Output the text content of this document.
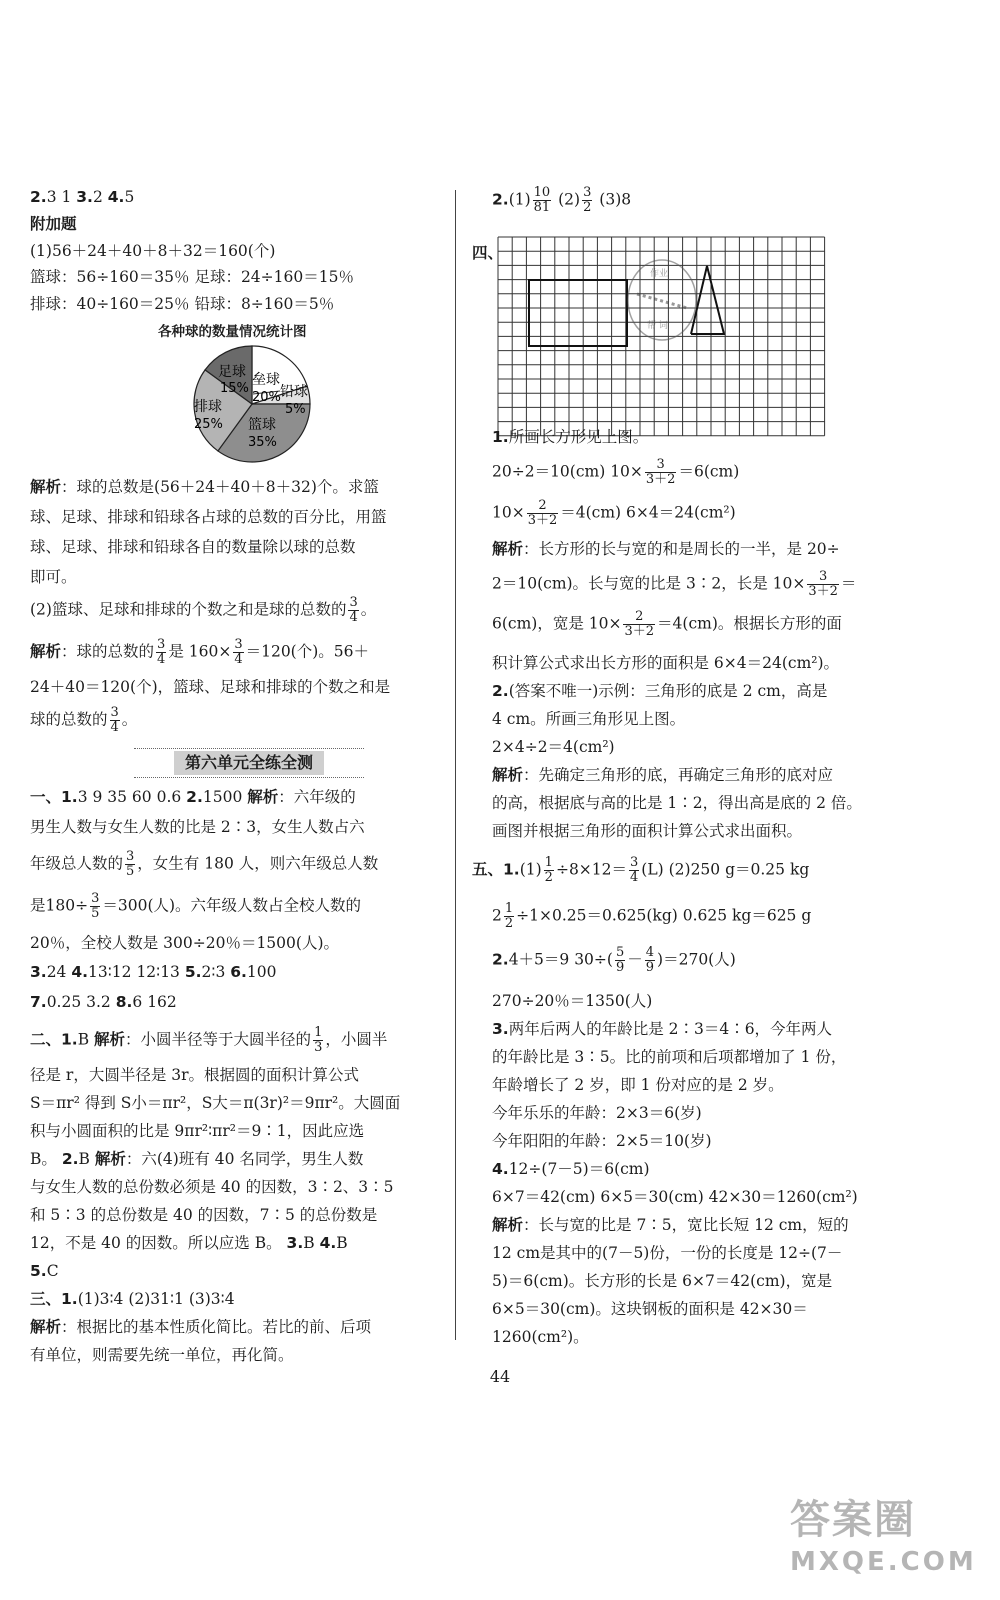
2.3 1 3.2 4.5
附加题
(1)56＋24＋40＋8＋32＝160(个)
篮球：56÷160＝35％ 足球：24÷160＝15％
排球：40÷160＝25％ 铅球：8÷160＝5％
各种球的数量情况统计图
垒球
20% 铅球
5%
篮球
35%
排球
25%
足球
15%
解析：球的总数是(56＋24＋40＋8＋32)个。求篮
球、足球、排球和铅球各占球的总数的百分比，用篮
球、足球、排球和铅球各自的数量除以球的总数
即可。
(2)篮球、足球和排球的个数之和是球的总数的 $\frac{3}{4}$ 。
解析：球的总数的 $\frac{3}{4}$ 是 $160\times \frac{3}{4} =120$(个)。56＋
24＋40＝120(个)，篮球、足球和排球的个数之和是
球的总数的 $\frac{3}{4}$ 。
第六单元全练全测
一、1.3 9 35 60 0.6 2.1500 解析：六年级的
男生人数与女生人数的比是 2∶3，女生人数占六
年级总人数的 $\frac{3}{5}$ ，女生有 180 人，则六年级总人数
是$180\div \frac{3}{5} =300$(人)。六年级人数占全校人数的
20％，全校人数是 300÷20％＝1500(人)。
3.24 4.13∶12 12∶13 5.2∶3 6.100
7.0.25 3.2 8.6 162
二、1.B 解析：小圆半径等于大圆半径的 $\frac{1}{3}$ ，小圆半
径是 r，大圆半径是 3r。根据圆的面积计算公式
S＝πr² 得到 S小＝πr²，S大＝π(3r)²＝9πr²。大圆面
积与小圆面积的比是 9πr²∶πr²＝9∶1，因此应选
B。 2.B 解析：六(4)班有 40 名同学，男生人数
与女生人数的总份数必须是 40 的因数，3∶2、3∶5
和 5∶3 的总份数是 40 的因数，7∶5 的总份数是
12，不是 40 的因数。所以应选 B。 3.B 4.B
5.C
三、1.(1)3∶4 (2)31∶1 (3)3∶4
解析：根据比的基本性质化简比。若比的前、后项
有单位，则需要先统一单位，再化简。
$2.(1) \frac{10}{81} (2) \frac{3}{2} (3)8$
四、
作业
帮 词
1.所画长方形见上图。
20÷2＝10(cm) $10\times \frac{3}{3+2} =6(cm)$
$10\times \frac{2}{3+2} =4(cm)$ 6×4＝24(cm²)
解析：长方形的长与宽的和是周长的一半，是 20÷
2＝10(cm)。长与宽的比是 3∶2，长是 $10\times \frac{3}{3+2}$ ＝
6(cm)，宽是 $10\times \frac{2}{3+2} =4(cm)$。根据长方形的面
积计算公式求出长方形的面积是 6×4＝24(cm²)。
2.(答案不唯一)示例：三角形的底是 2 cm，高是
4 cm。所画三角形见上图。
2×4÷2＝4(cm²)
解析：先确定三角形的底，再确定三角形的底对应
的高，根据底与高的比是 1∶2，得出高是底的 2 倍。
画图并根据三角形的面积计算公式求出面积。
五、$1.(1) \frac{1}{2} \div 8\times 12= \frac{3}{4} (L)$ (2)250 g＝0.25 kg
$2 \frac{1}{2} \div 1\times 0.25=0.625(kg)$ 0.625 kg＝625 g
2.4＋5＝9 $30\div( \frac{5}{9} - \frac{4}{9} )=270$(人)
270÷20％＝1350(人)
3.两年后两人的年龄比是 2∶3＝4∶6，今年两人
的年龄比是 3∶5。比的前项和后项都增加了 1 份，
年龄增长了 2 岁，即 1 份对应的是 2 岁。
今年乐乐的年龄：2×3＝6(岁)
今年阳阳的年龄：2×5＝10(岁)
4.12÷(7－5)＝6(cm)
6×7＝42(cm) 6×5＝30(cm) 42×30＝1260(cm²)
解析：长与宽的比是 7∶5，宽比长短 12 cm，短的
12 cm是其中的(7－5)份，一份的长度是 12÷(7－
5)＝6(cm)。长方形的长是 6×7＝42(cm)，宽是
6×5＝30(cm)。这块钢板的面积是 42×30＝
1260(cm²)。
44
答案圈
MXQE.COM
